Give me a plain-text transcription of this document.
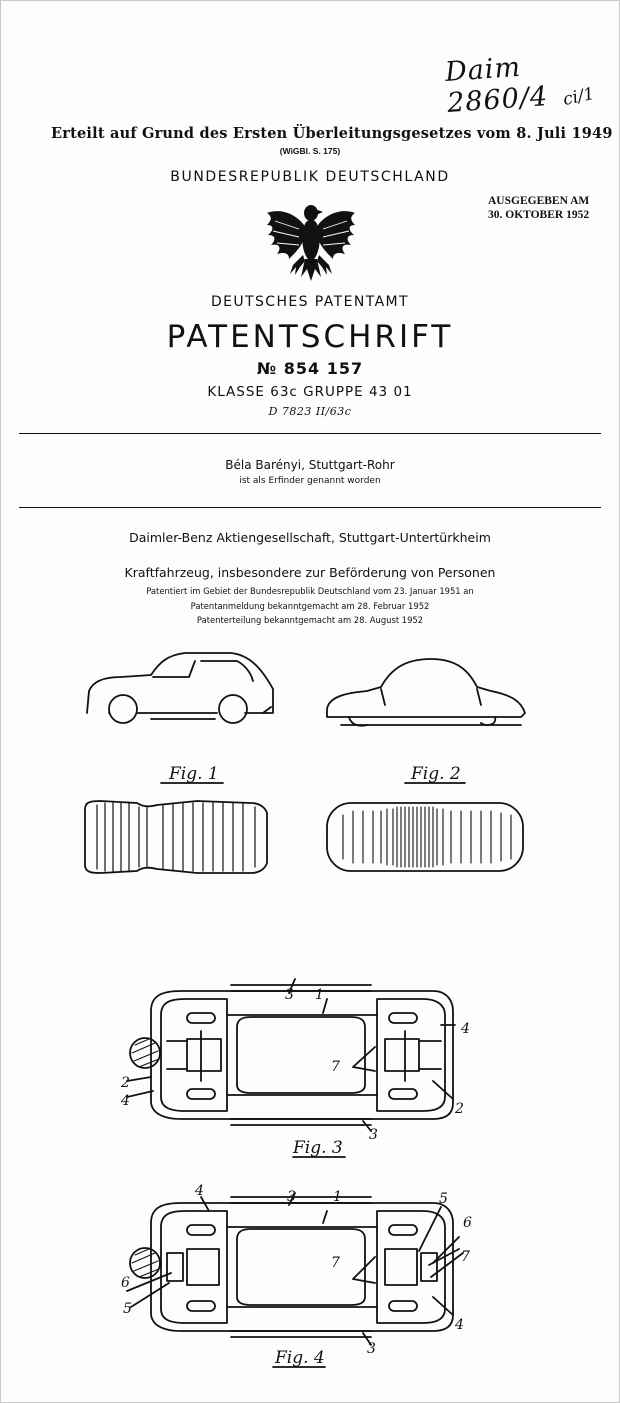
Daim 2860/4 ci/1
Erteilt auf Grund des Ersten Überleitungsgesetzes vom 8. Juli 1949
(WiGBl. S. 175)
BUNDESREPUBLIK DEUTSCHLAND
AUSGEGEBEN AM
30. OKTOBER 1952
DEUTSCHES PATENTAMT
PATENTSCHRIFT
№ 854 157
KLASSE 63c GRUPPE 43 01
D 7823 II/63c
Béla Barényi, Stuttgart-Rohr
ist als Erfinder genannt worden
Daimler-Benz Aktiengesellschaft, Stuttgart-Untertürkheim
Kraftfahrzeug, insbesondere zur Beförderung von Personen
Patentiert im Gebiet der Bundesrepublik Deutschland vom 23. Januar 1951 an
Patentanmeldung bekanntgemacht am 28. Februar 1952
Patenterteilung bekanntgemacht am 28. August 1952
Fig. 1	Fig. 2
Fig. 3
Fig. 4
3 1
4
7
2
4	2
3
4	3	1	5
6
7	7
6
5
4
3
